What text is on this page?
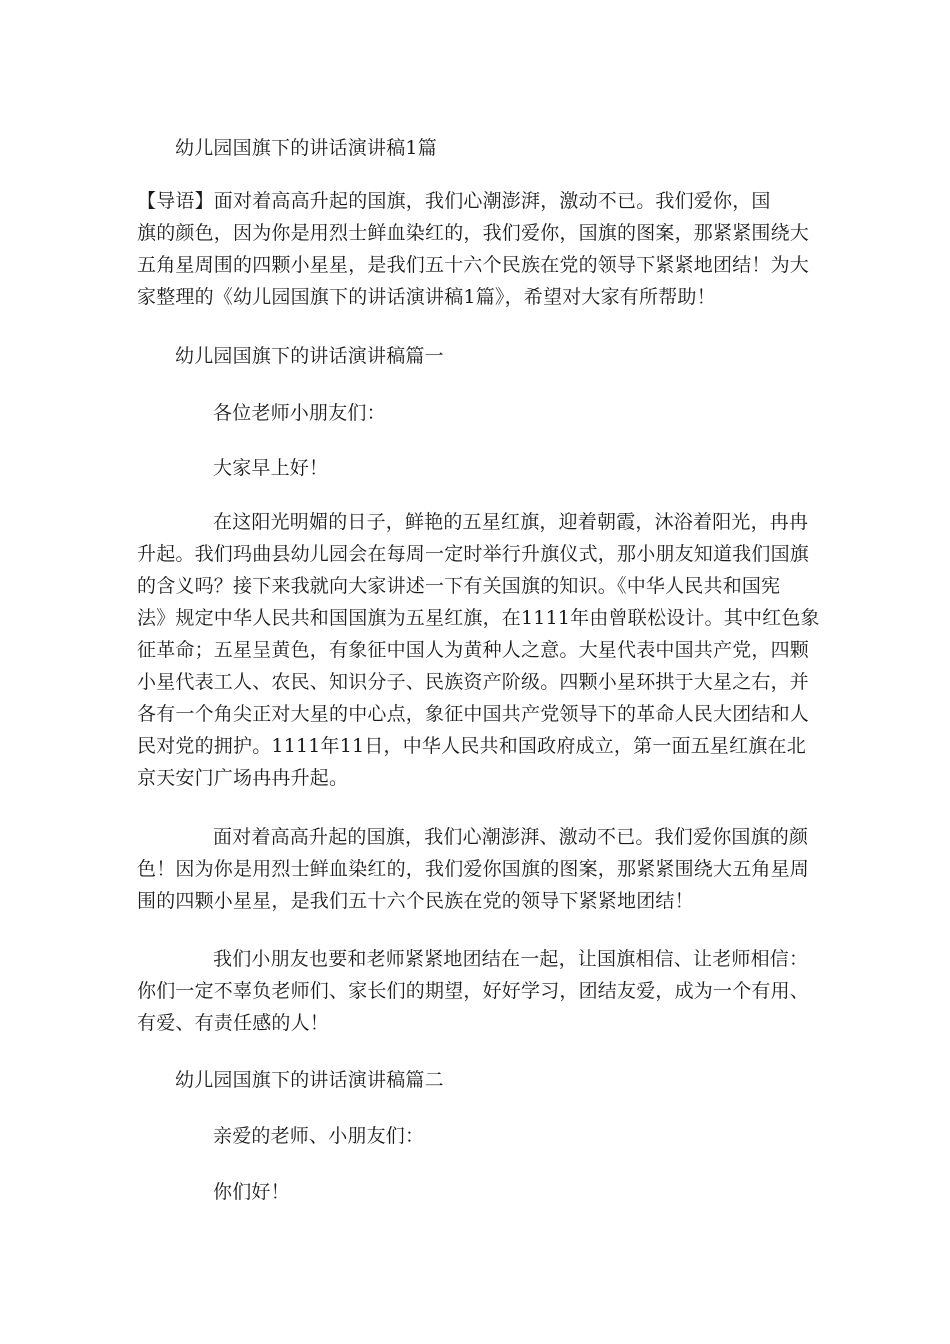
幼儿园国旗下的讲话演讲稿1篇

【导语】面对着高高升起的国旗，我们心潮澎湃，激动不已。我们爱你，国
旗的颜色，因为你是用烈士鲜血染红的，我们爱你，国旗的图案，那紧紧围绕大
五角星周围的四颗小星星，是我们五十六个民族在党的领导下紧紧地团结！为大
家整理的《幼儿园国旗下的讲话演讲稿1篇》，希望对大家有所帮助！

幼儿园国旗下的讲话演讲稿篇一

各位老师小朋友们：

大家早上好！

在这阳光明媚的日子，鲜艳的五星红旗，迎着朝霞，沐浴着阳光，冉冉
升起。我们玛曲县幼儿园会在每周一定时举行升旗仪式，那小朋友知道我们国旗
的含义吗？接下来我就向大家讲述一下有关国旗的知识。《中华人民共和国宪
法》规定中华人民共和国国旗为五星红旗，在1111年由曾联松设计。其中红色象
征革命；五星呈黄色，有象征中国人为黄种人之意。大星代表中国共产党，四颗
小星代表工人、农民、知识分子、民族资产阶级。四颗小星环拱于大星之右，并
各有一个角尖正对大星的中心点，象征中国共产党领导下的革命人民大团结和人
民对党的拥护。1111年11日，中华人民共和国政府成立，第一面五星红旗在北
京天安门广场冉冉升起。
面对着高高升起的国旗，我们心潮澎湃、激动不已。我们爱你国旗的颜
色！因为你是用烈士鲜血染红的，我们爱你国旗的图案，那紧紧围绕大五角星周
围的四颗小星星，是我们五十六个民族在党的领导下紧紧地团结！
我们小朋友也要和老师紧紧地团结在一起，让国旗相信、让老师相信：
你们一定不辜负老师们、家长们的期望，好好学习，团结友爱，成为一个有用、
有爱、有责任感的人！

幼儿园国旗下的讲话演讲稿篇二

亲爱的老师、小朋友们：

你们好！
